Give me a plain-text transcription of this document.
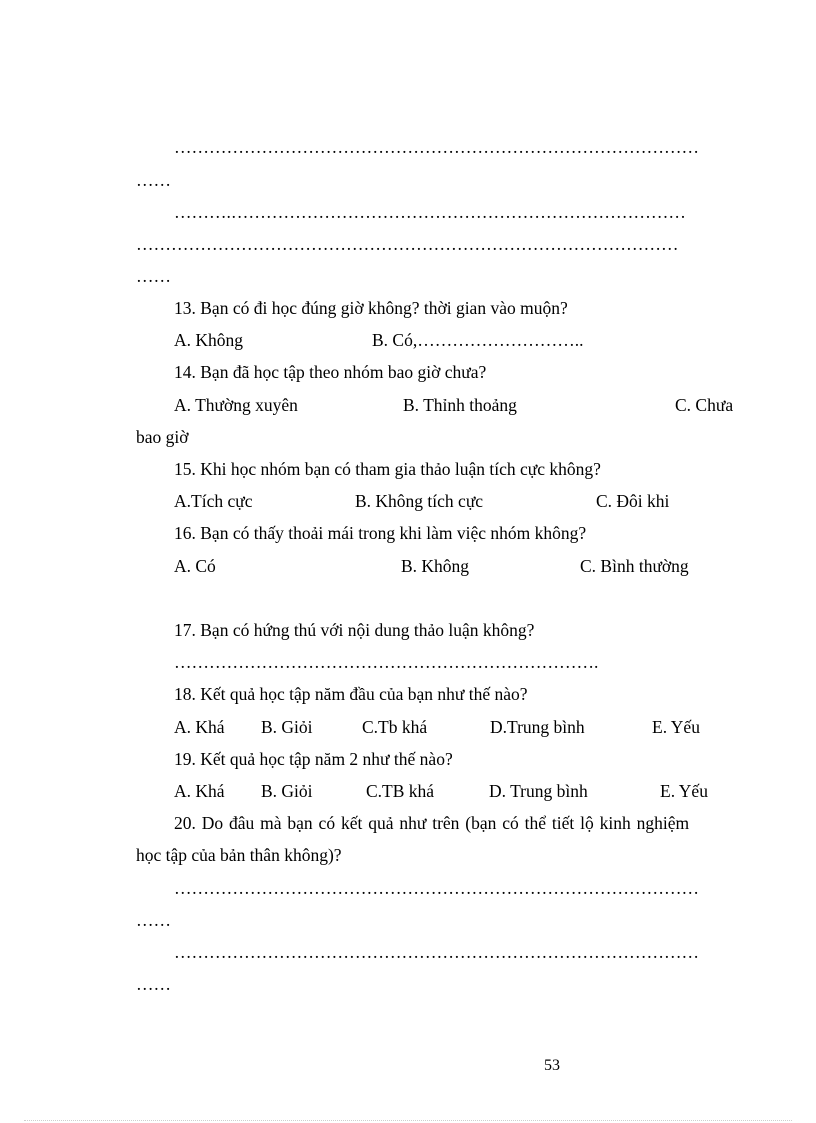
………………………………………………………………………………
……
……….……………………………………………………………………
…………………………………………………………………………………
……
13. Bạn có đi học đúng giờ không? thời gian vào muộn?
A. Không	B. Có,………………………..
14. Bạn đã học tập theo nhóm bao giờ chưa?
A. Thường xuyên	B. Thỉnh thoảng	C. Chưa
bao giờ
15. Khi học nhóm bạn có tham gia thảo luận tích cực không?
A.Tích cực	B. Không tích cực	C. Đôi khi
16. Bạn có thấy thoải mái trong khi làm việc nhóm không?
A. Có	B. Không	C. Bình thường
17. Bạn có hứng thú với nội dung thảo luận không?
……………………………………………………………….
18. Kết quả học tập năm đầu của bạn như thế nào?
A. Khá B. Giỏi	C.Tb khá	D.Trung bình	E. Yếu
19. Kết quả học tập năm 2 như thế nào?
A. Khá B. Giỏi	C.TB khá	D. Trung bình	E. Yếu
20. Do đâu mà bạn có kết quả như trên (bạn có thể tiết lộ kinh nghiệm
học tập của bản thân không)?
………………………………………………………………………………
……
………………………………………………………………………………
……
53
